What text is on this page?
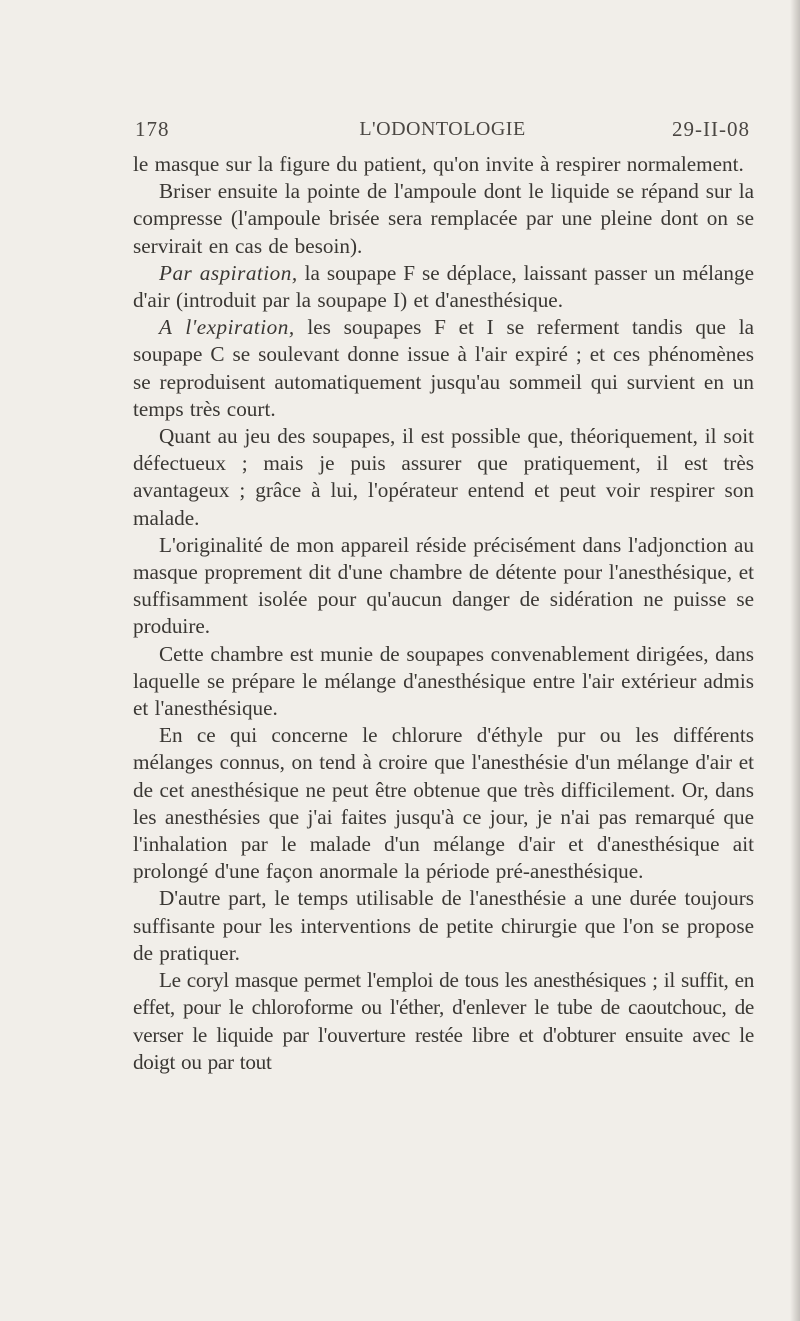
178	L'ODONTOLOGIE	29-II-08

le masque sur la figure du patient, qu'on invite à respirer normalement.

Briser ensuite la pointe de l'ampoule dont le liquide se répand sur la compresse (l'ampoule brisée sera remplacée par une pleine dont on se servirait en cas de besoin).

Par aspiration, la soupape F se déplace, laissant passer un mélange d'air (introduit par la soupape I) et d'anesthésique.

A l'expiration, les soupapes F et I se referment tandis que la soupape C se soulevant donne issue à l'air expiré ; et ces phénomènes se reproduisent automatiquement jusqu'au sommeil qui survient en un temps très court.

Quant au jeu des soupapes, il est possible que, théoriquement, il soit défectueux ; mais je puis assurer que pratiquement, il est très avantageux ; grâce à lui, l'opérateur entend et peut voir respirer son malade.

L'originalité de mon appareil réside précisément dans l'adjonction au masque proprement dit d'une chambre de détente pour l'anesthésique, et suffisamment isolée pour qu'aucun danger de sidération ne puisse se produire.

Cette chambre est munie de soupapes convenablement dirigées, dans laquelle se prépare le mélange d'anesthésique entre l'air extérieur admis et l'anesthésique.

En ce qui concerne le chlorure d'éthyle pur ou les différents mélanges connus, on tend à croire que l'anesthésie d'un mélange d'air et de cet anesthésique ne peut être obtenue que très difficilement. Or, dans les anesthésies que j'ai faites jusqu'à ce jour, je n'ai pas remarqué que l'inhalation par le malade d'un mélange d'air et d'anesthésique ait prolongé d'une façon anormale la période pré-anesthésique.

D'autre part, le temps utilisable de l'anesthésie a une durée toujours suffisante pour les interventions de petite chirurgie que l'on se propose de pratiquer.

Le coryl masque permet l'emploi de tous les anesthésiques ; il suffit, en effet, pour le chloroforme ou l'éther, d'enlever le tube de caoutchouc, de verser le liquide par l'ouverture restée libre et d'obturer ensuite avec le doigt ou par tout
